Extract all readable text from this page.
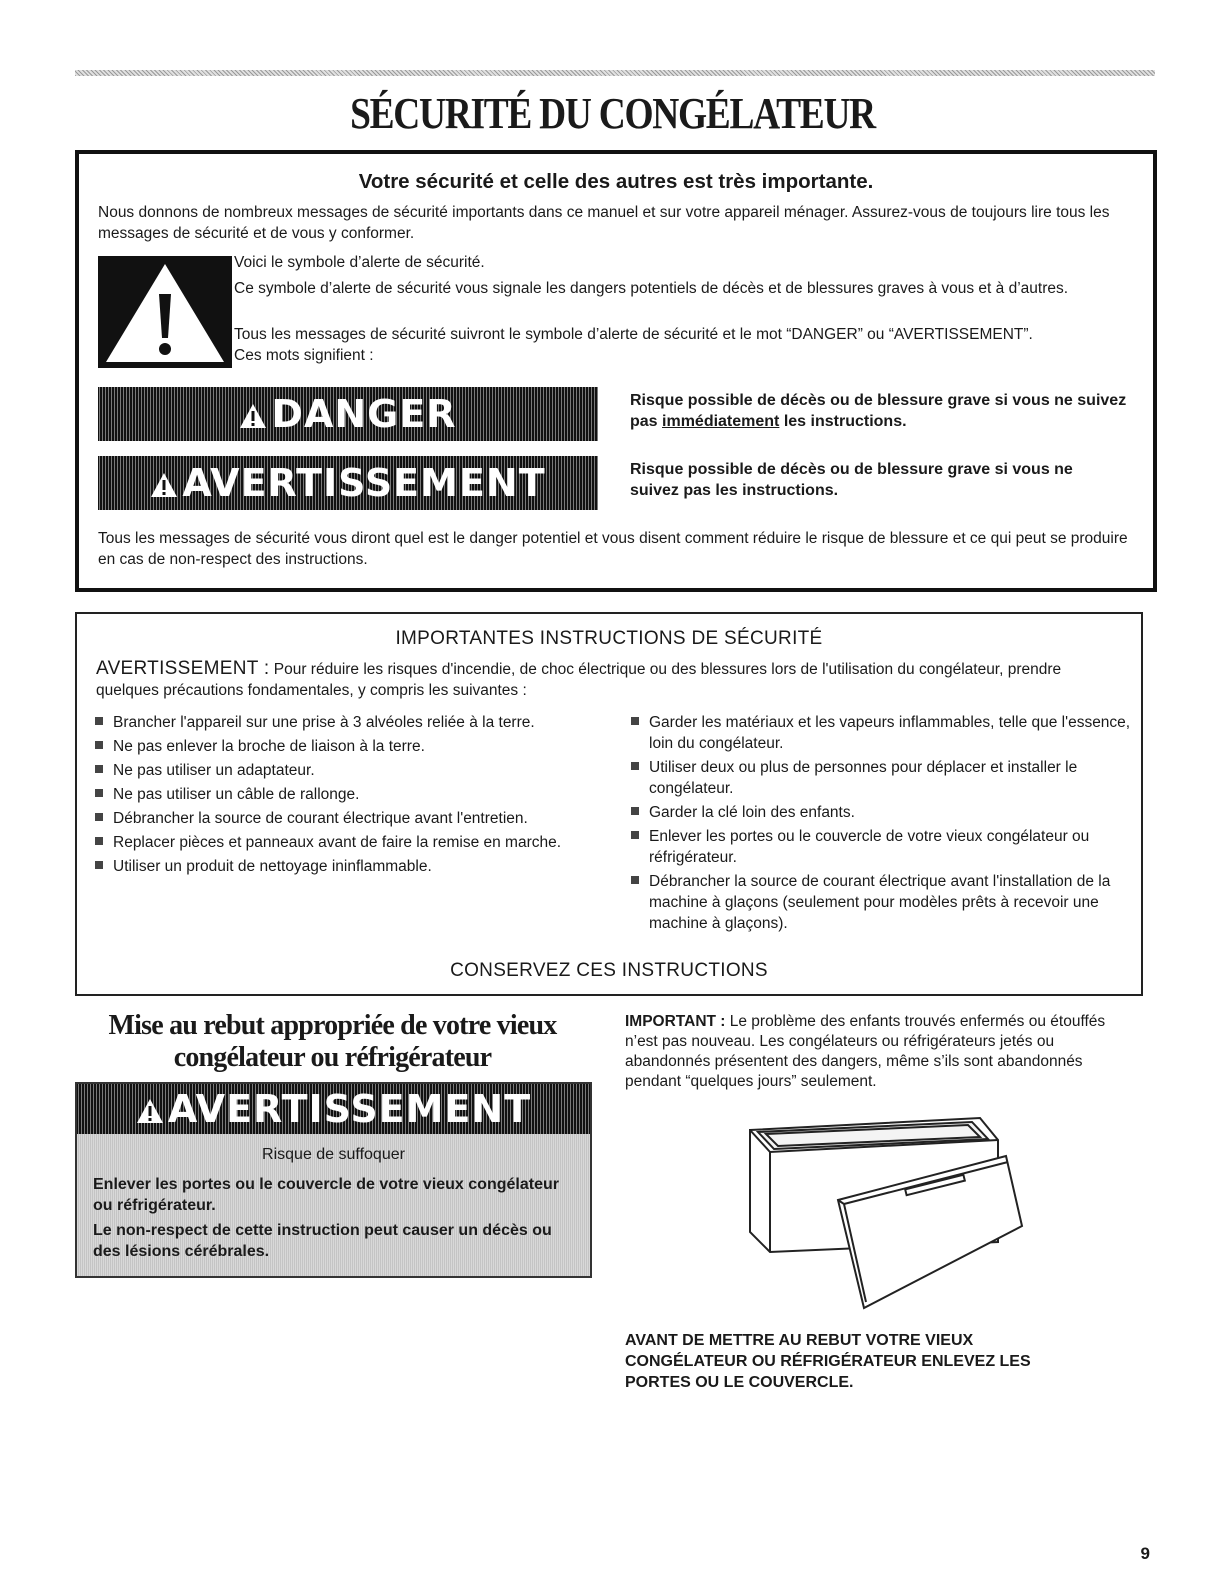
SÉCURITÉ DU CONGÉLATEUR
Votre sécurité et celle des autres est très importante.
Nous donnons de nombreux messages de sécurité importants dans ce manuel et sur votre appareil ménager. Assurez-vous de toujours lire tous les messages de sécurité et de vous y conformer.
Voici le symbole d’alerte de sécurité.
Ce symbole d’alerte de sécurité vous signale les dangers potentiels de décès et de blessures graves à vous et à d’autres.
Tous les messages de sécurité suivront le symbole d’alerte de sécurité et le mot “DANGER” ou “AVERTISSEMENT”. Ces mots signifient :
DANGER	Risque possible de décès ou de blessure grave si vous ne suivez pas immédiatement les instructions.
AVERTISSEMENT	Risque possible de décès ou de blessure grave si vous ne suivez pas les instructions.
Tous les messages de sécurité vous diront quel est le danger potentiel et vous disent comment réduire le risque de blessure et ce qui peut se produire en cas de non-respect des instructions.
IMPORTANTES INSTRUCTIONS DE SÉCURITÉ
AVERTISSEMENT : Pour réduire les risques d'incendie, de choc électrique ou des blessures lors de l'utilisation du congélateur, prendre quelques précautions fondamentales, y compris les suivantes :
Brancher l'appareil sur une prise à 3 alvéoles reliée à la terre.
Ne pas enlever la broche de liaison à la terre.
Ne pas utiliser un adaptateur.
Ne pas utiliser un câble de rallonge.
Débrancher la source de courant électrique avant l'entretien.
Replacer pièces et panneaux avant de faire la remise en marche.
Utiliser un produit de nettoyage ininflammable.
Garder les matériaux et les vapeurs inflammables, telle que l'essence, loin du congélateur.
Utiliser deux ou plus de personnes pour déplacer et installer le congélateur.
Garder la clé loin des enfants.
Enlever les portes ou le couvercle de votre vieux congélateur ou réfrigérateur.
Débrancher la source de courant électrique avant l'installation de la machine à glaçons (seulement pour modèles prêts à recevoir une machine à glaçons).
CONSERVEZ CES INSTRUCTIONS
Mise au rebut appropriée de votre vieux
congélateur ou réfrigérateur
AVERTISSEMENT
Risque de suffoquer
Enlever les portes ou le couvercle de votre vieux congélateur ou réfrigérateur.
Le non-respect de cette instruction peut causer un décès ou des lésions cérébrales.
IMPORTANT : Le problème des enfants trouvés enfermés ou étouffés n’est pas nouveau. Les congélateurs ou réfrigérateurs jetés ou abandonnés présentent des dangers, même s’ils sont abandonnés pendant “quelques jours” seulement.
AVANT DE METTRE AU REBUT VOTRE VIEUX CONGÉLATEUR OU RÉFRIGÉRATEUR ENLEVEZ LES PORTES OU LE COUVERCLE.
9
